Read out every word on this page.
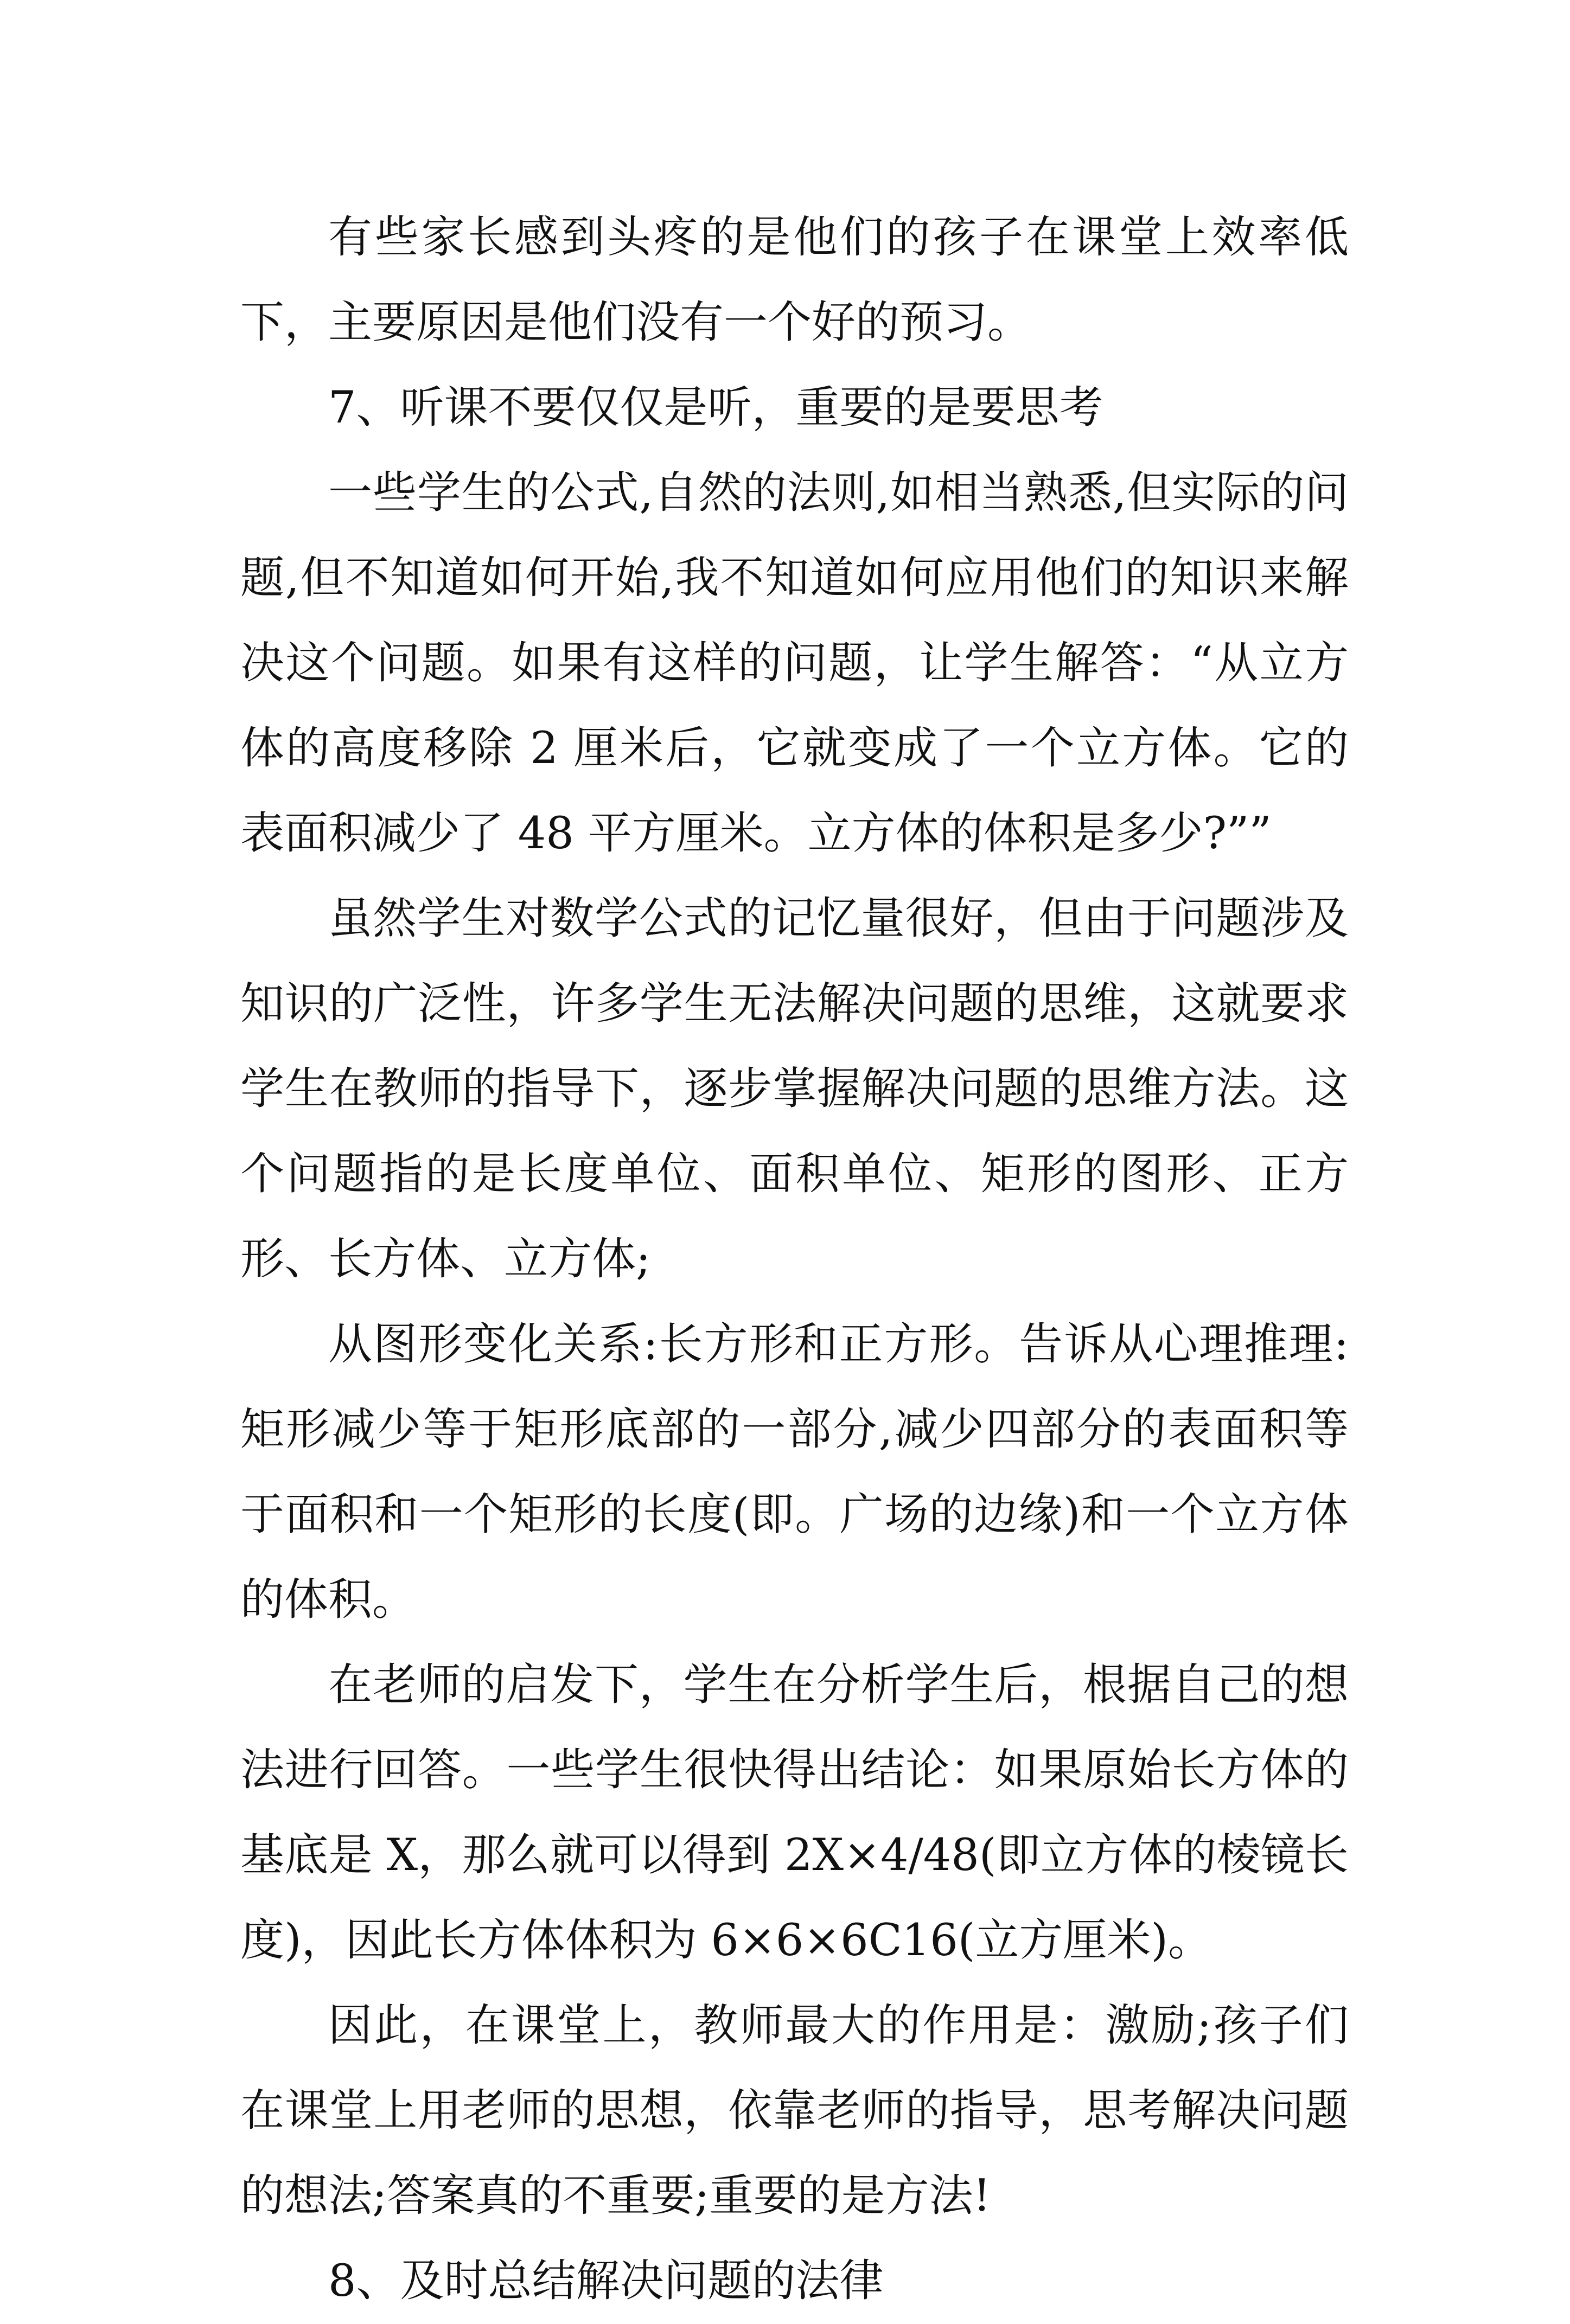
有些家长感到头疼的是他们的孩子在课堂上效率低下，主要原因是他们没有一个好的预习。

7、听课不要仅仅是听，重要的是要思考

一些学生的公式,自然的法则,如相当熟悉,但实际的问题,但不知道如何开始,我不知道如何应用他们的知识来解决这个问题。如果有这样的问题，让学生解答：“从立方体的高度移除 2 厘米后，它就变成了一个立方体。它的表面积减少了 48 平方厘米。立方体的体积是多少?””

虽然学生对数学公式的记忆量很好，但由于问题涉及知识的广泛性，许多学生无法解决问题的思维，这就要求学生在教师的指导下，逐步掌握解决问题的思维方法。这个问题指的是长度单位、面积单位、矩形的图形、正方形、长方体、立方体;

从图形变化关系:长方形和正方形。告诉从心理推理:矩形减少等于矩形底部的一部分,减少四部分的表面积等于面积和一个矩形的长度(即。广场的边缘)和一个立方体的体积。

在老师的启发下，学生在分析学生后，根据自己的想法进行回答。一些学生很快得出结论：如果原始长方体的基底是 X，那么就可以得到 2X×4/48(即立方体的棱镜长度)，因此长方体体积为 6×6×6C16(立方厘米)。

因此，在课堂上，教师最大的作用是：激励;孩子们在课堂上用老师的思想，依靠老师的指导，思考解决问题的想法;答案真的不重要;重要的是方法!

8、及时总结解决问题的法律
